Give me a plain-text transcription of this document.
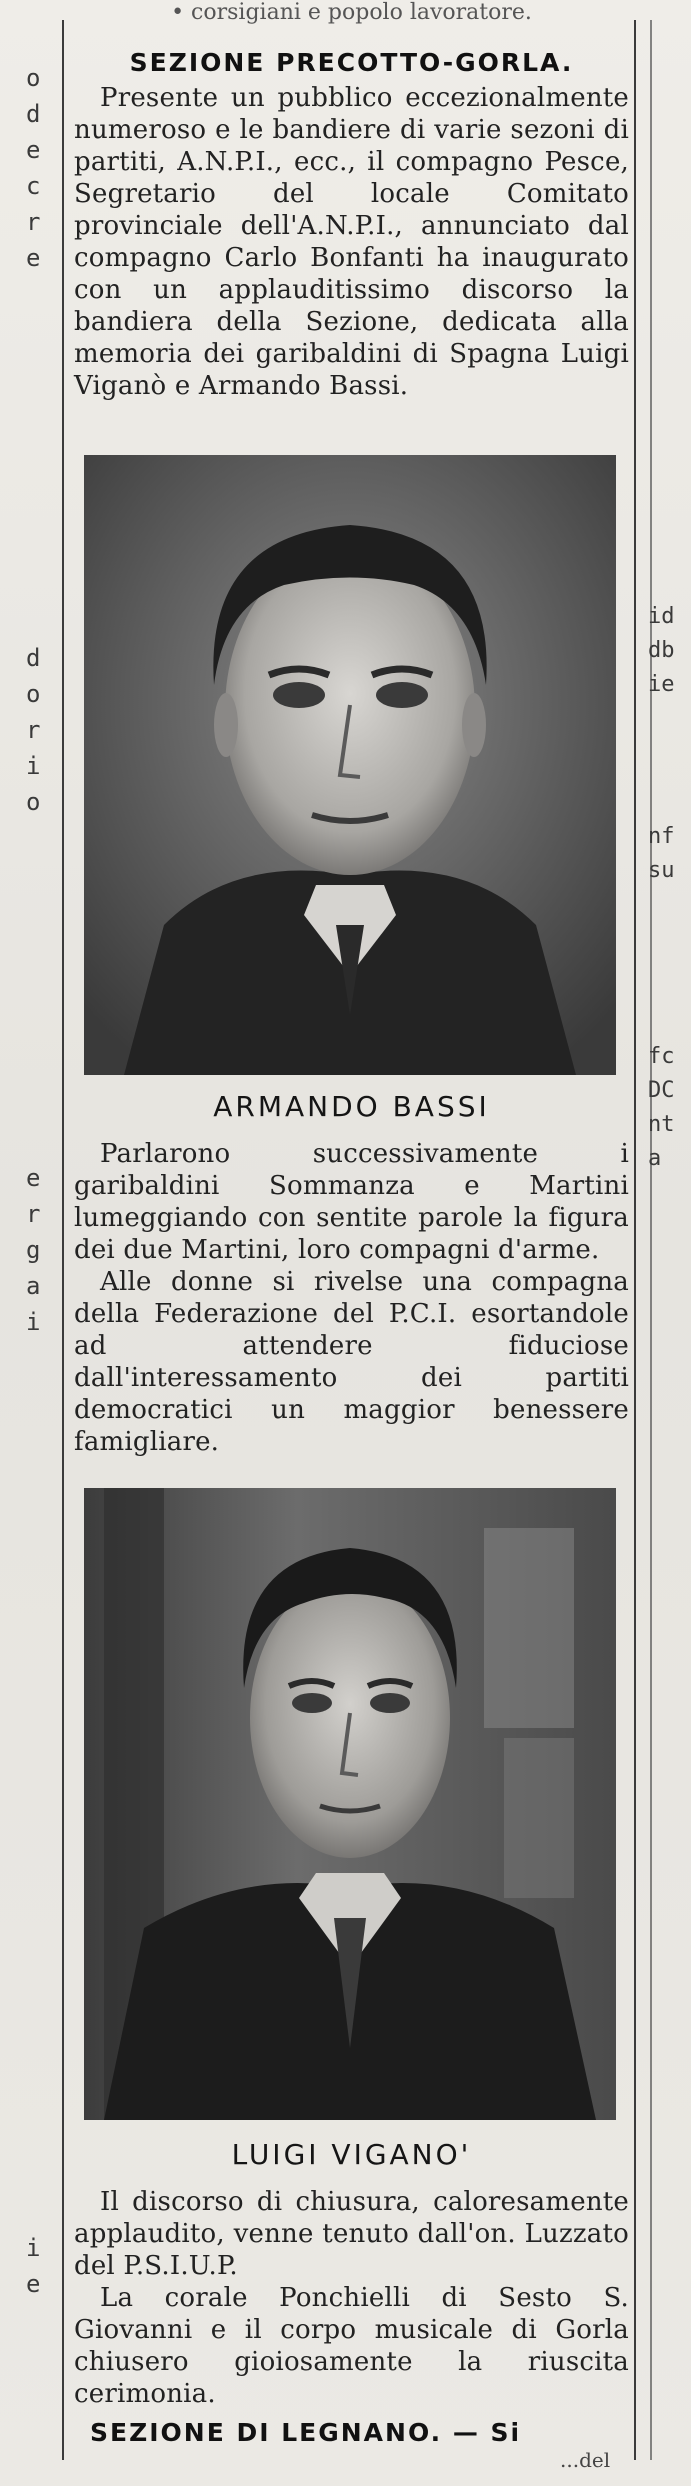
odecre
dorio
ergai
ie
iddbie
nfsu
fcDCnta
• corsigiani e popolo lavoratore.
SEZIONE PRECOTTO-GORLA.

Presente un pubblico eccezionalmente numeroso e le bandiere di varie sezoni di partiti, A.N.P.I., ecc., il compagno Pesce, Segretario del locale Comitato provinciale dell'A.N.P.I., annunciato dal compagno Carlo Bonfanti ha inaugurato con un applauditissimo discorso la bandiera della Sezione, dedicata alla memoria dei garibaldini di Spagna Luigi Viganò e Armando Bassi.

ARMANDO BASSI

Parlarono successivamente i garibaldini Sommanza e Martini lumeggiando con sentite parole la figura dei due Martini, loro compagni d'arme.

Alle donne si rivelse una compagna della Federazione del P.C.I. esortandole ad attendere fiduciose dall'interessamento dei partiti democratici un maggior benessere famigliare.

LUIGI VIGANO'

Il discorso di chiusura, caloresamente applaudito, venne tenuto dall'on. Luzzato del P.S.I.U.P.

La corale Ponchielli di Sesto S. Giovanni e il corpo musicale di Gorla chiusero gioiosamente la riuscita cerimonia.

SEZIONE DI LEGNANO. — Si
...del
